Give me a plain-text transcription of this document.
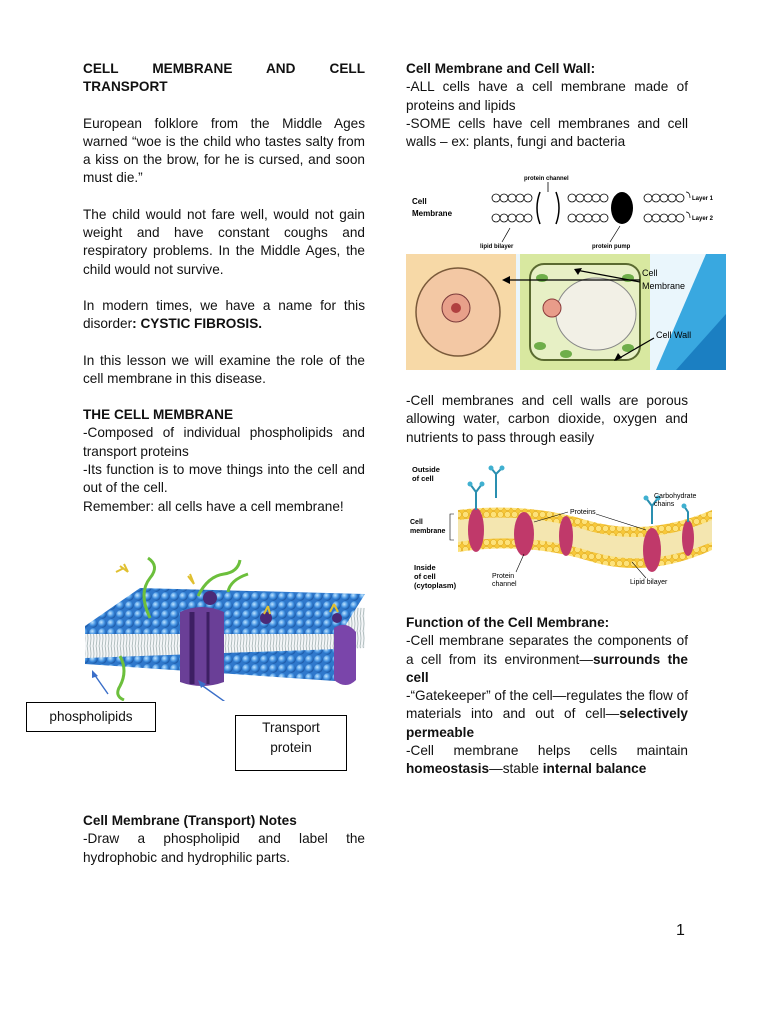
CELL MEMBRANE AND CELL

TRANSPORT

European folklore from the Middle Ages warned “woe is the child who tastes salty from a kiss on the brow, for he is cursed, and soon must die.”

The child would not fare well, would not gain weight and have constant coughs and respiratory problems. In the Middle Ages, the child would not survive.

In modern times, we have a name for this disorder: CYSTIC FIBROSIS.

In this lesson we will examine the role of the cell membrane in this disease.

THE CELL MEMBRANE

-Composed of individual phospholipids and transport proteins

-Its function is to move things into the cell and out of the cell.

Remember: all cells have a cell membrane!

phospholipids
Transport
protein

Cell Membrane (Transport) Notes

-Draw a phospholipid and label the hydrophobic and hydrophilic parts.

Cell Membrane and Cell Wall:

-ALL cells have a cell membrane made of proteins and lipids

-SOME cells have cell membranes and cell walls – ex: plants, fungi and bacteria

Cell
Membrane
protein channel
Layer 1
Layer 2
lipid bilayer	protein pump
Cell
Membrane
Cell Wall

-Cell membranes and cell walls are porous allowing water, carbon dioxide, oxygen and nutrients to pass through easily

Outside
of cell
Cell
membrane
Inside
of cell
(cytoplasm)
Proteins
Carbohydrate
chains
Protein
channel	Lipid bilayer

Function of the Cell Membrane:

-Cell membrane separates the components of a cell from its environment—surrounds the cell

-“Gatekeeper” of the cell—regulates the flow of materials into and out of cell—selectively permeable

-Cell membrane helps cells maintain homeostasis—stable internal balance

1
